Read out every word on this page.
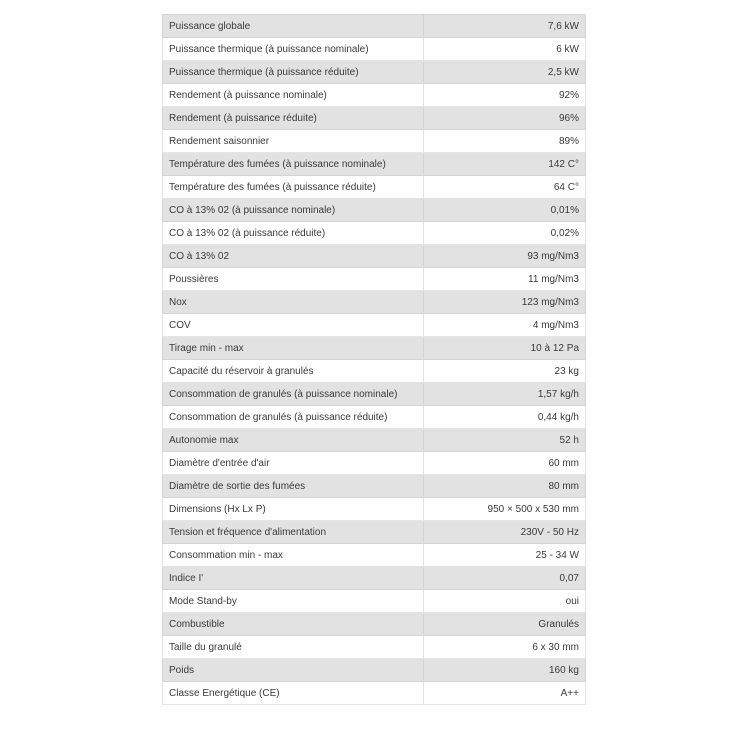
Puissance globale	7,6 kW
Puissance thermique (à puissance nominale)	6 kW
Puissance thermique (à puissance réduite)	2,5 kW
Rendement (à puissance nominale)	92%
Rendement (à puissance réduite)	96%
Rendement saisonnier	89%
Température des fumées (à puissance nominale)	142 C°
Température des fumées (à puissance réduite)	64 C°
CO à 13% 02 (à puissance nominale)	0,01%
CO à 13% 02 (à puissance réduite)	0,02%
CO à 13% 02	93 mg/Nm3
Poussières	11 mg/Nm3
Nox	123 mg/Nm3
COV	4 mg/Nm3
Tirage min - max	10 à 12 Pa
Capacité du réservoir à granulés	23 kg
Consommation de granulés (à puissance nominale)	1,57 kg/h
Consommation de granulés (à puissance réduite)	0,44 kg/h
Autonomie max	52 h
Diamètre d'entrée d'air	60 mm
Diamètre de sortie des fumées	80 mm
Dimensions (Hx Lx P)	950 × 500 x 530 mm
Tension et fréquence d'alimentation	230V - 50 Hz
Consommation min - max	25 - 34 W
Indice I'	0,07
Mode Stand-by	oui
Combustible	Granulés
Taille du granulé	6 x 30 mm
Poids	160 kg
Classe Energétique (CE)	A++
